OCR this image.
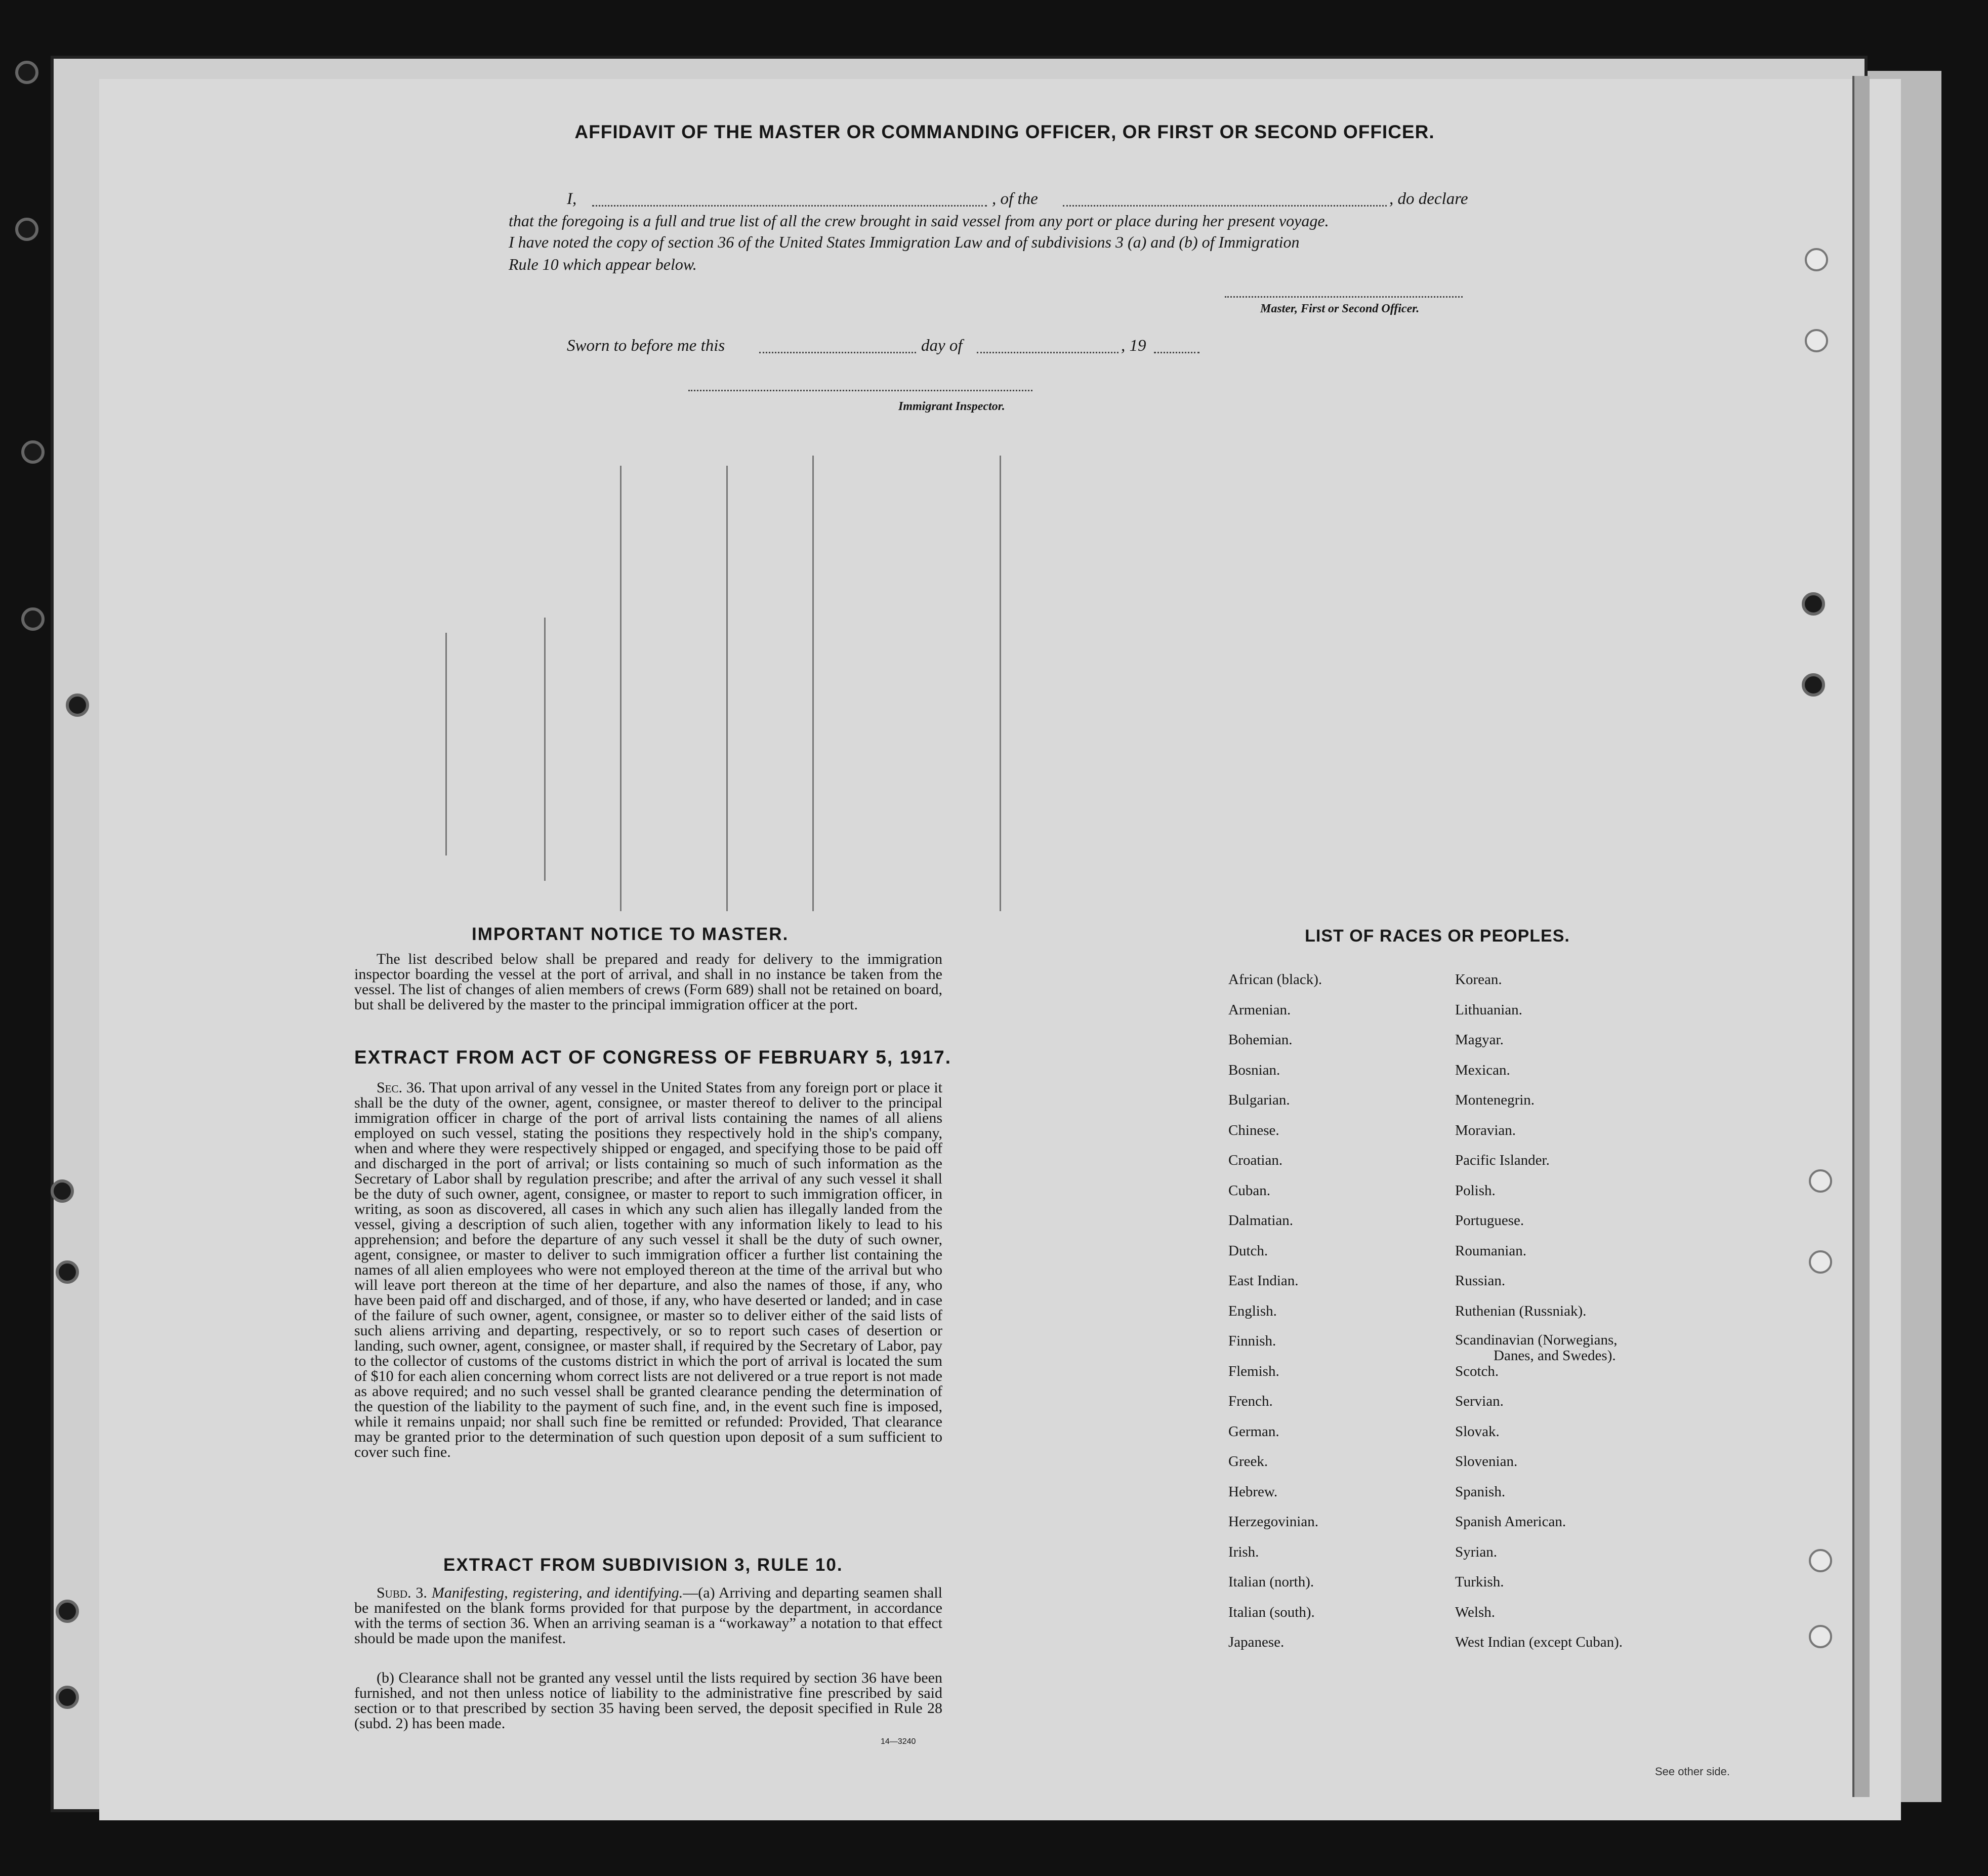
AFFIDAVIT OF THE MASTER OR COMMANDING OFFICER, OR FIRST OR SECOND OFFICER.
I,	, of the	, do declare
that the foregoing is a full and true list of all the crew brought in said vessel from any port or place during her present voyage.
I have noted the copy of section 36 of the United States Immigration Law and of subdivisions 3 (a) and (b) of Immigration
Rule 10 which appear below.
Master, First or Second Officer.
Sworn to before me this	day of	, 19
Immigrant Inspector.
IMPORTANT NOTICE TO MASTER.

The list described below shall be prepared and ready for delivery to the immigration inspector boarding the vessel at the port of arrival, and shall in no instance be taken from the vessel. The list of changes of alien members of crews (Form 689) shall not be retained on board, but shall be delivered by the master to the principal immigration officer at the port.

EXTRACT FROM ACT OF CONGRESS OF FEBRUARY 5, 1917.

Sec. 36. That upon arrival of any vessel in the United States from any foreign port or place it shall be the duty of the owner, agent, consignee, or master thereof to deliver to the principal immigration officer in charge of the port of arrival lists containing the names of all aliens employed on such vessel, stating the positions they respectively hold in the ship's company, when and where they were respectively shipped or engaged, and specifying those to be paid off and discharged in the port of arrival; or lists containing so much of such information as the Secretary of Labor shall by regulation prescribe; and after the arrival of any such vessel it shall be the duty of such owner, agent, consignee, or master to report to such immigration officer, in writing, as soon as discovered, all cases in which any such alien has illegally landed from the vessel, giving a description of such alien, together with any information likely to lead to his apprehension; and before the departure of any such vessel it shall be the duty of such owner, agent, consignee, or master to deliver to such immigration officer a further list containing the names of all alien employees who were not employed thereon at the time of the arrival but who will leave port thereon at the time of her departure, and also the names of those, if any, who have been paid off and discharged, and of those, if any, who have deserted or landed; and in case of the failure of such owner, agent, consignee, or master so to deliver either of the said lists of such aliens arriving and departing, respectively, or so to report such cases of desertion or landing, such owner, agent, consignee, or master shall, if required by the Secretary of Labor, pay to the collector of customs of the customs district in which the port of arrival is located the sum of $10 for each alien concerning whom correct lists are not delivered or a true report is not made as above required; and no such vessel shall be granted clearance pending the determination of the question of the liability to the payment of such fine, and, in the event such fine is imposed, while it remains unpaid; nor shall such fine be remitted or refunded: Provided, That clearance may be granted prior to the determination of such question upon deposit of a sum sufficient to cover such fine.

EXTRACT FROM SUBDIVISION 3, RULE 10.

Subd. 3. Manifesting, registering, and identifying.—(a) Arriving and departing seamen shall be manifested on the blank forms provided for that purpose by the department, in accordance with the terms of section 36. When an arriving seaman is a “workaway” a notation to that effect should be made upon the manifest.

(b) Clearance shall not be granted any vessel until the lists required by section 36 have been furnished, and not then unless notice of liability to the administrative fine prescribed by said section or to that prescribed by section 35 having been served, the deposit specified in Rule 28 (subd. 2) has been made.

14—3240
LIST OF RACES OR PEOPLES.
African (black).
Armenian.
Bohemian.
Bosnian.
Bulgarian.
Chinese.
Croatian.
Cuban.
Dalmatian.
Dutch.
East Indian.
English.
Finnish.
Flemish.
French.
German.
Greek.
Hebrew.
Herzegovinian.
Irish.
Italian (north).
Italian (south).
Japanese.
Korean.
Lithuanian.
Magyar.
Mexican.
Montenegrin.
Moravian.
Pacific Islander.
Polish.
Portuguese.
Roumanian.
Russian.
Ruthenian (Russniak).
Scandinavian (Norwegians,
Danes, and Swedes).
Scotch.
Servian.
Slovak.
Slovenian.
Spanish.
Spanish American.
Syrian.
Turkish.
Welsh.
West Indian (except Cuban).
See other side.
